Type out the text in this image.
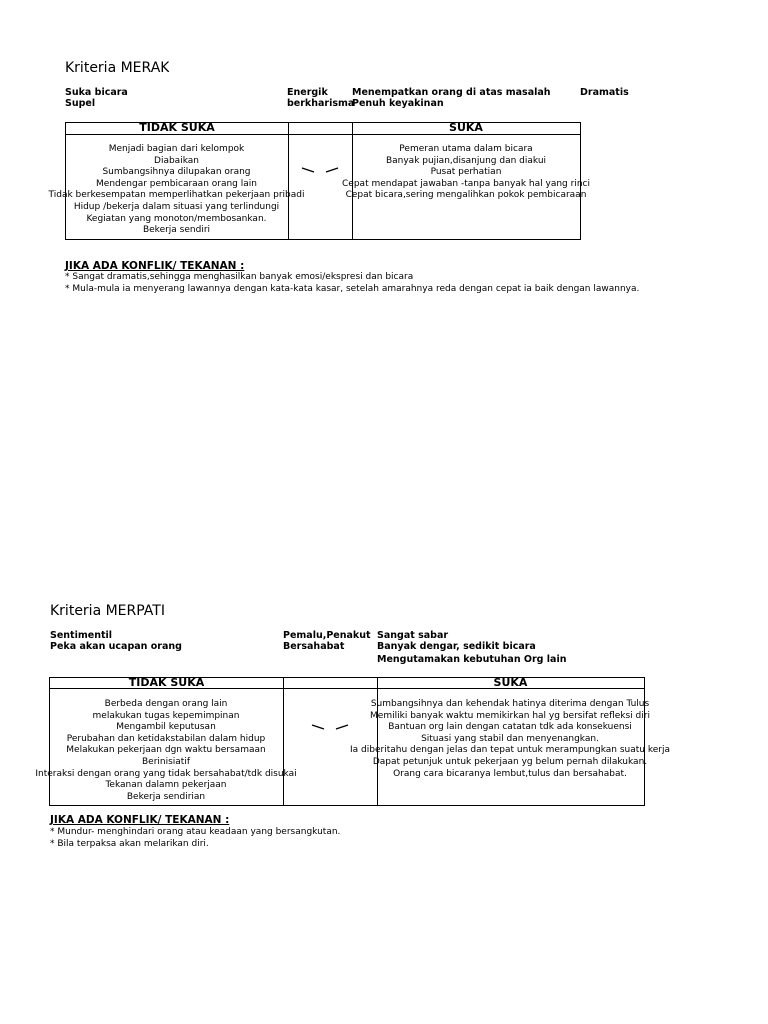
Kriteria MERAK
Suka bicara
Supel
Energik
berkharisma
Menempatkan orang di atas masalah
Penuh keyakinan
Dramatis
TIDAK SUKA	SUKA
Menjadi bagian dari kelompok
Diabaikan
Sumbangsihnya dilupakan orang
Mendengar pembicaraan orang lain
Tidak berkesempatan memperlihatkan pekerjaan pribadi
Hidup /bekerja dalam situasi yang terlindungi
Kegiatan yang monoton/membosankan.
Bekerja sendiri
Pemeran utama dalam bicara
Banyak pujian,disanjung dan diakui
Pusat perhatian
Cepat mendapat jawaban -tanpa banyak hal yang rinci
Cepat bicara,sering mengalihkan pokok pembicaraan
JIKA ADA KONFLIK/ TEKANAN :
* Sangat dramatis,sehingga menghasilkan banyak emosi/ekspresi dan bicara
* Mula-mula ia menyerang lawannya dengan kata-kata kasar, setelah amarahnya reda dengan cepat ia baik dengan lawannya.
Kriteria MERPATI
Sentimentil
Peka akan ucapan orang
Pemalu,Penakut
Bersahabat
Sangat sabar
Banyak dengar, sedikit bicara
Mengutamakan kebutuhan Org lain
TIDAK SUKA	SUKA
Berbeda dengan orang lain
melakukan tugas kepemimpinan
Mengambil keputusan
Perubahan dan ketidakstabilan dalam hidup
Melakukan pekerjaan dgn waktu bersamaan
Berinisiatif
Interaksi dengan orang yang tidak bersahabat/tdk disukai
Tekanan dalamn pekerjaan
Bekerja sendirian
Sumbangsihnya dan kehendak hatinya diterima dengan Tulus
Memiliki banyak waktu memikirkan hal yg bersifat refleksi diri
Bantuan org lain dengan catatan tdk ada konsekuensi
Situasi yang stabil dan menyenangkan.
Ia diberitahu dengan jelas dan tepat untuk merampungkan suatu kerja
Dapat petunjuk untuk pekerjaan yg belum pernah dilakukan.
Orang cara bicaranya lembut,tulus dan bersahabat.
JIKA ADA KONFLIK/ TEKANAN :
* Mundur- menghindari orang atau keadaan yang bersangkutan.
* Bila terpaksa akan melarikan diri.
